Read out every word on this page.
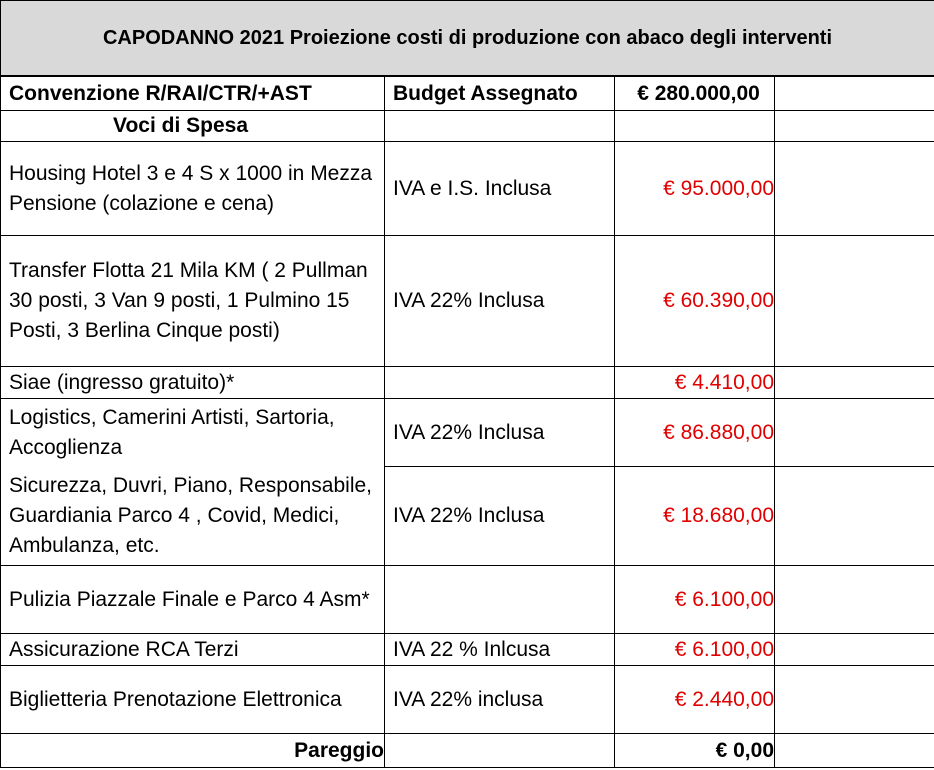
CAPODANNO 2021 Proiezione costi di produzione con abaco degli interventi
Convenzione R/RAI/CTR/+AST	Budget Assegnato	€ 280.000,00	
Voci di Spesa			
Housing Hotel 3 e 4 S x 1000 in Mezza Pensione (colazione e cena)	IVA e I.S. Inclusa	€ 95.000,00	
Transfer Flotta 21 Mila KM ( 2 Pullman 30 posti, 3 Van 9 posti, 1 Pulmino 15 Posti, 3 Berlina Cinque posti)	IVA 22% Inclusa	€ 60.390,00	
Siae (ingresso gratuito)*		€ 4.410,00	
Logistics, Camerini Artisti, Sartoria, Accoglienza	IVA 22% Inclusa	€ 86.880,00	
Sicurezza, Duvri, Piano, Responsabile, Guardiania Parco 4 , Covid, Medici, Ambulanza, etc.	IVA 22% Inclusa	€ 18.680,00	
Pulizia Piazzale Finale e Parco 4 Asm*		€ 6.100,00	
Assicurazione RCA Terzi	IVA 22 % Inlcusa	€ 6.100,00	
Biglietteria Prenotazione Elettronica	IVA 22% inclusa	€ 2.440,00	
Pareggio		€ 0,00	
